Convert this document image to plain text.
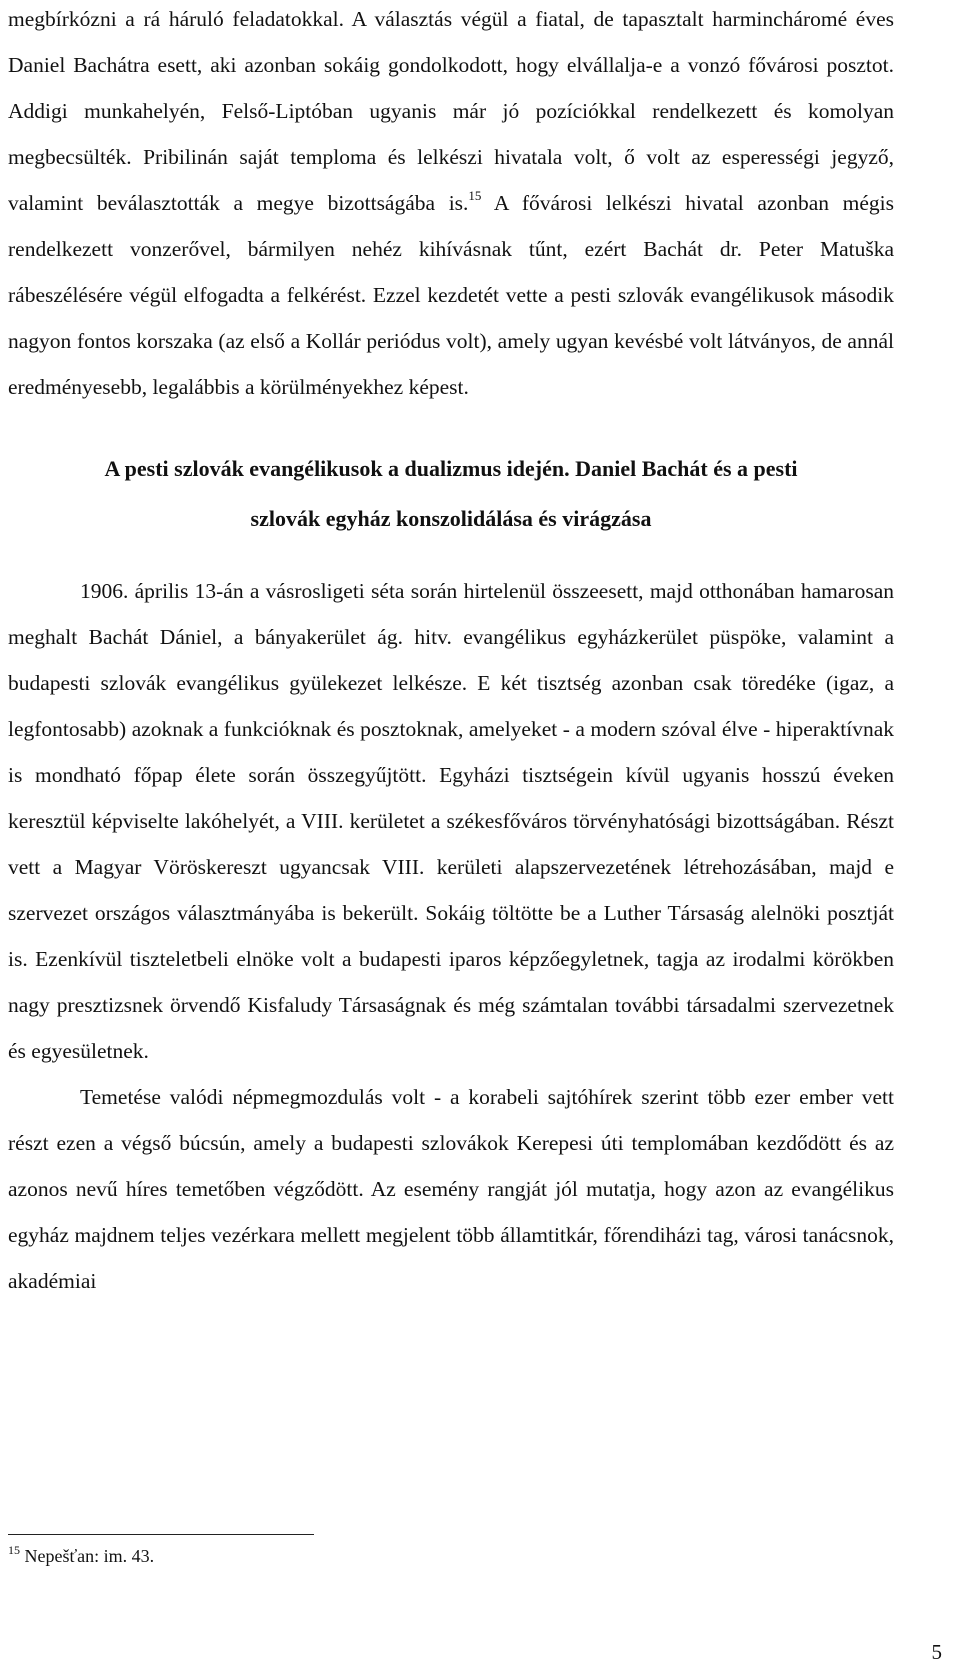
megbírkózni a rá háruló feladatokkal. A választás végül a fiatal, de tapasztalt harmincháromé éves Daniel Bachátra esett, aki azonban sokáig gondolkodott, hogy elvállalja-e a vonzó fővárosi posztot. Addigi munkahelyén, Felső-Liptóban ugyanis már jó pozíciókkal rendelkezett és komolyan megbecsülték. Pribilinán saját temploma és lelkészi hivatala volt, ő volt az esperességi jegyző, valamint beválasztották a megye bizottságába is.$^{15}$ A fővárosi lelkészi hivatal azonban mégis rendelkezett vonzerővel, bármilyen nehéz kihívásnak tűnt, ezért Bachát dr. Peter Matuška rábeszélésére végül elfogadta a felkérést. Ezzel kezdetét vette a pesti szlovák evangélikusok második nagyon fontos korszaka (az első a Kollár periódus volt), amely ugyan kevésbé volt látványos, de annál eredményesebb, legalábbis a körülményekhez képest.

A pesti szlovák evangélikusok a dualizmus idején. Daniel Bachát és a pesti
szlovák egyház konszolidálása és virágzása

1906. április 13-án a vásrosligeti séta során hirtelenül összeesett, majd otthonában hamarosan meghalt Bachát Dániel, a bányakerület ág. hitv. evangélikus egyházkerület püspöke, valamint a budapesti szlovák evangélikus gyülekezet lelkésze. E két tisztség azonban csak töredéke (igaz, a legfontosabb) azoknak a funkcióknak és posztoknak, amelyeket - a modern szóval élve - hiperaktívnak is mondható főpap élete során összegyűjtött. Egyházi tisztségein kívül ugyanis hosszú éveken keresztül képviselte lakóhelyét, a VIII. kerületet a székesfőváros törvényhatósági bizottságában. Részt vett a Magyar Vöröskereszt ugyancsak VIII. kerületi alapszervezetének létrehozásában, majd e szervezet országos választmányába is bekerült. Sokáig töltötte be a Luther Társaság alelnöki posztját is. Ezenkívül tiszteletbeli elnöke volt a budapesti iparos képzőegyletnek, tagja az irodalmi körökben nagy presztizsnek örvendő Kisfaludy Társaságnak és még számtalan további társadalmi szervezetnek és egyesületnek.

Temetése valódi népmegmozdulás volt - a korabeli sajtóhírek szerint több ezer ember vett részt ezen a végső búcsún, amely a budapesti szlovákok Kerepesi úti templomában kezdődött és az azonos nevű híres temetőben végződött. Az esemény rangját jól mutatja, hogy azon az evangélikus egyház majdnem teljes vezérkara mellett megjelent több államtitkár, főrendiházi tag, városi tanácsnok, akadémiai

$^{15}$ Nepešťan: im. 43.
5
